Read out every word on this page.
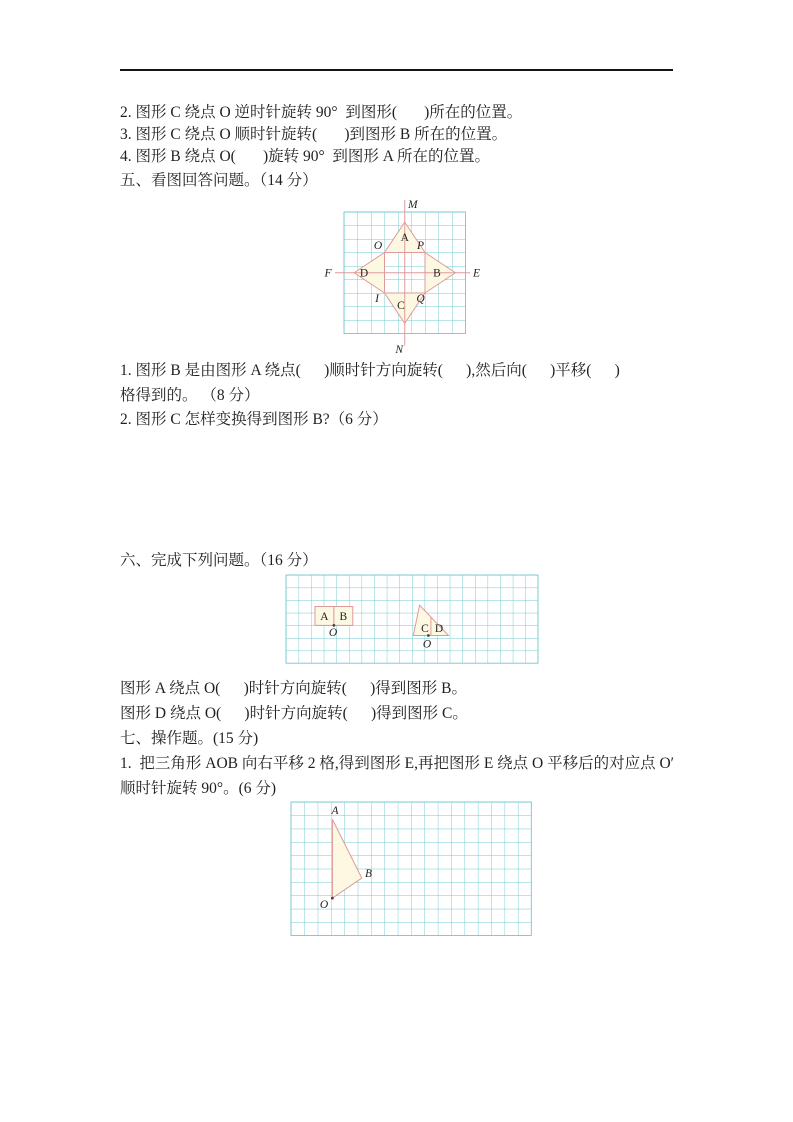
2. 图形 C 绕点 O 逆时针旋转 90°  到图形(       )所在的位置。
3. 图形 C 绕点 O 顺时针旋转(       )到图形 B 所在的位置。
4. 图形 B 绕点 O(       )旋转 90°  到图形 A 所在的位置。
五、看图回答问题。（14 分）
M
N
F	E
O	P
I	Q
A
B
C
D
1. 图形 B 是由图形 A 绕点(      )顺时针方向旋转(      ),然后向(      )平移(      )
格得到的。 （8 分）
2. 图形 C 怎样变换得到图形 B?（6 分）
六、完成下列问题。（16 分）
A B
O	C D
O
图形 A 绕点 O(      )时针方向旋转(      )得到图形 B。
图形 D 绕点 O(      )时针方向旋转(      )得到图形 C。
七、操作题。(15 分)
1.  把三角形 AOB 向右平移 2 格,得到图形 E,再把图形 E 绕点 O 平移后的对应点 O′
顺时针旋转 90°。(6 分)
A
B
O
